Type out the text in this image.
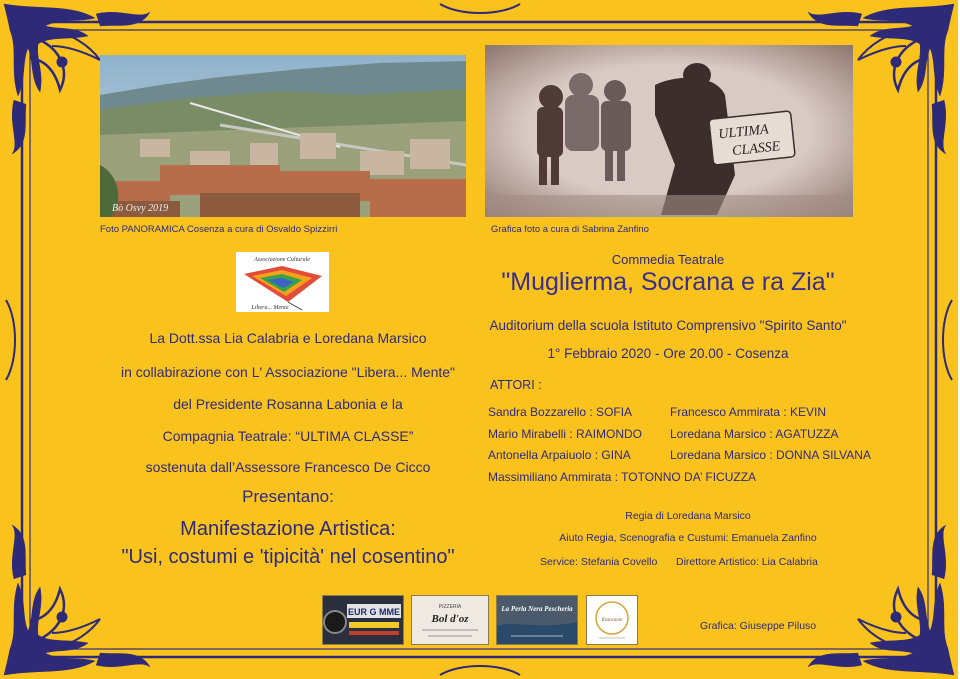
Bò Osvy 2019
Foto PANORAMICA Cosenza a cura di Osvaldo Spizzirri
ULTIMA
CLASSE
Grafica foto a cura di Sabrina Zanfino
Associazione Culturale
Libera... Mente
La Dott.ssa Lia Calabria e Loredana Marsico
in collabirazione con L' Associazione "Libera... Mente"
del Presidente Rosanna Labonia e la
Compagnia Teatrale: “ULTIMA CLASSE”
sostenuta dall’Assessore Francesco De Cicco
Presentano:
Manifestazione Artistica:
"Usi, costumi e 'tipicità' nel cosentino"
Commedia Teatrale
"Muglierma, Socrana e ra Zia"
Auditorium della scuola Istituto Comprensivo "Spirito Santo"
1° Febbraio 2020 - Ore 20.00 - Cosenza
ATTORI :
Sandra Bozzarello : SOFIA
Mario Mirabelli : RAIMONDO
Antonella Arpaiuolo : GINA
Francesco Ammirata : KEVIN
Loredana Marsico : AGATUZZA
Loredana Marsico : DONNA SILVANA
Massimiliano Ammirata : TOTONNO DA’ FICUZZA
Regia di Loredana Marsico
Aiuto Regia, Scenografia e Custumi: Emanuela Zanfino
Service: Stefania Covello Direttore Artistico: Lia Calabria
Grafica: Giuseppe Piluso
EUR G MME	PIZZERIA
Bol d'oz
La Perla Nera Pescheria
Ristorante
